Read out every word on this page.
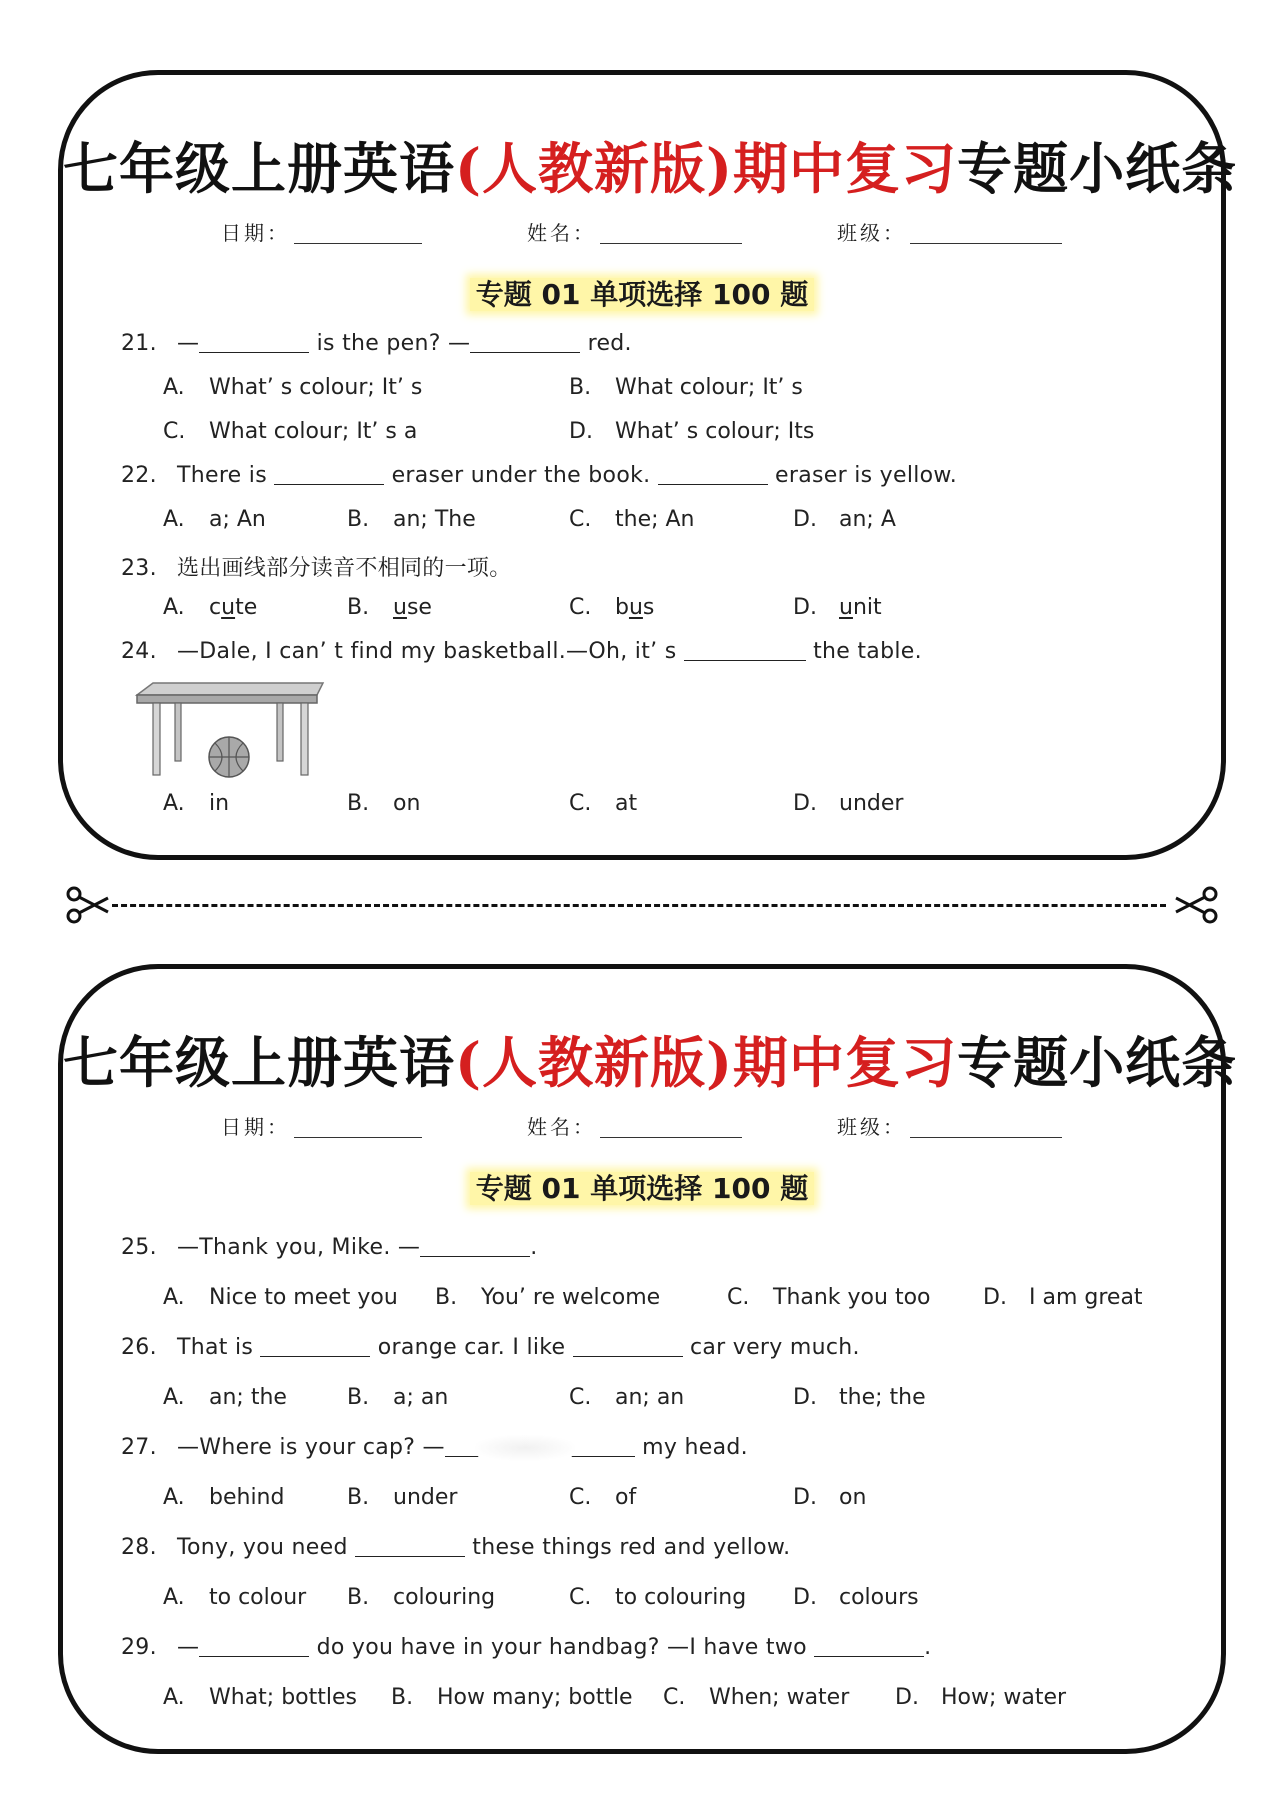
七年级上册英语(人教新版)期中复习专题小纸条
日期：	姓名：	班级：
专题 01 单项选择 100 题
21. —	is the pen? —	red.
A. What’ s colour; It’ s	B. What colour; It’ s
C. What colour; It’ s a	D. What’ s colour; Its
22. There is	eraser under the book.	eraser is yellow.
A. a; An	B. an; The	C. the; An	D. an; A
23. 选出画线部分读音不相同的一项。
A. cute	B. use	C. bus	D. unit
24. —Dale, I can’ t find my basketball.—Oh, it’ s	the table.
A. in	B. on	C. at	D. under
七年级上册英语(人教新版)期中复习专题小纸条
日期：	姓名：	班级：
专题 01 单项选择 100 题
25. —Thank you, Mike. —	.
A. Nice to meet you B. You’ re welcome	C. Thank you too D. I am great
26. That is	orange car. I like	car very much.
A. an; the	B. a; an	C. an; an	D. the; the
27. —Where is your cap? —	my head.
A. behind	B. under	C. of	D. on
28. Tony, you need	these things red and yellow.
A. to colour B. colouring	C. to colouring D. colours
29. —	do you have in your handbag? —I have two	.
A. What; bottles B. How many; bottle C. When; water D. How; water
